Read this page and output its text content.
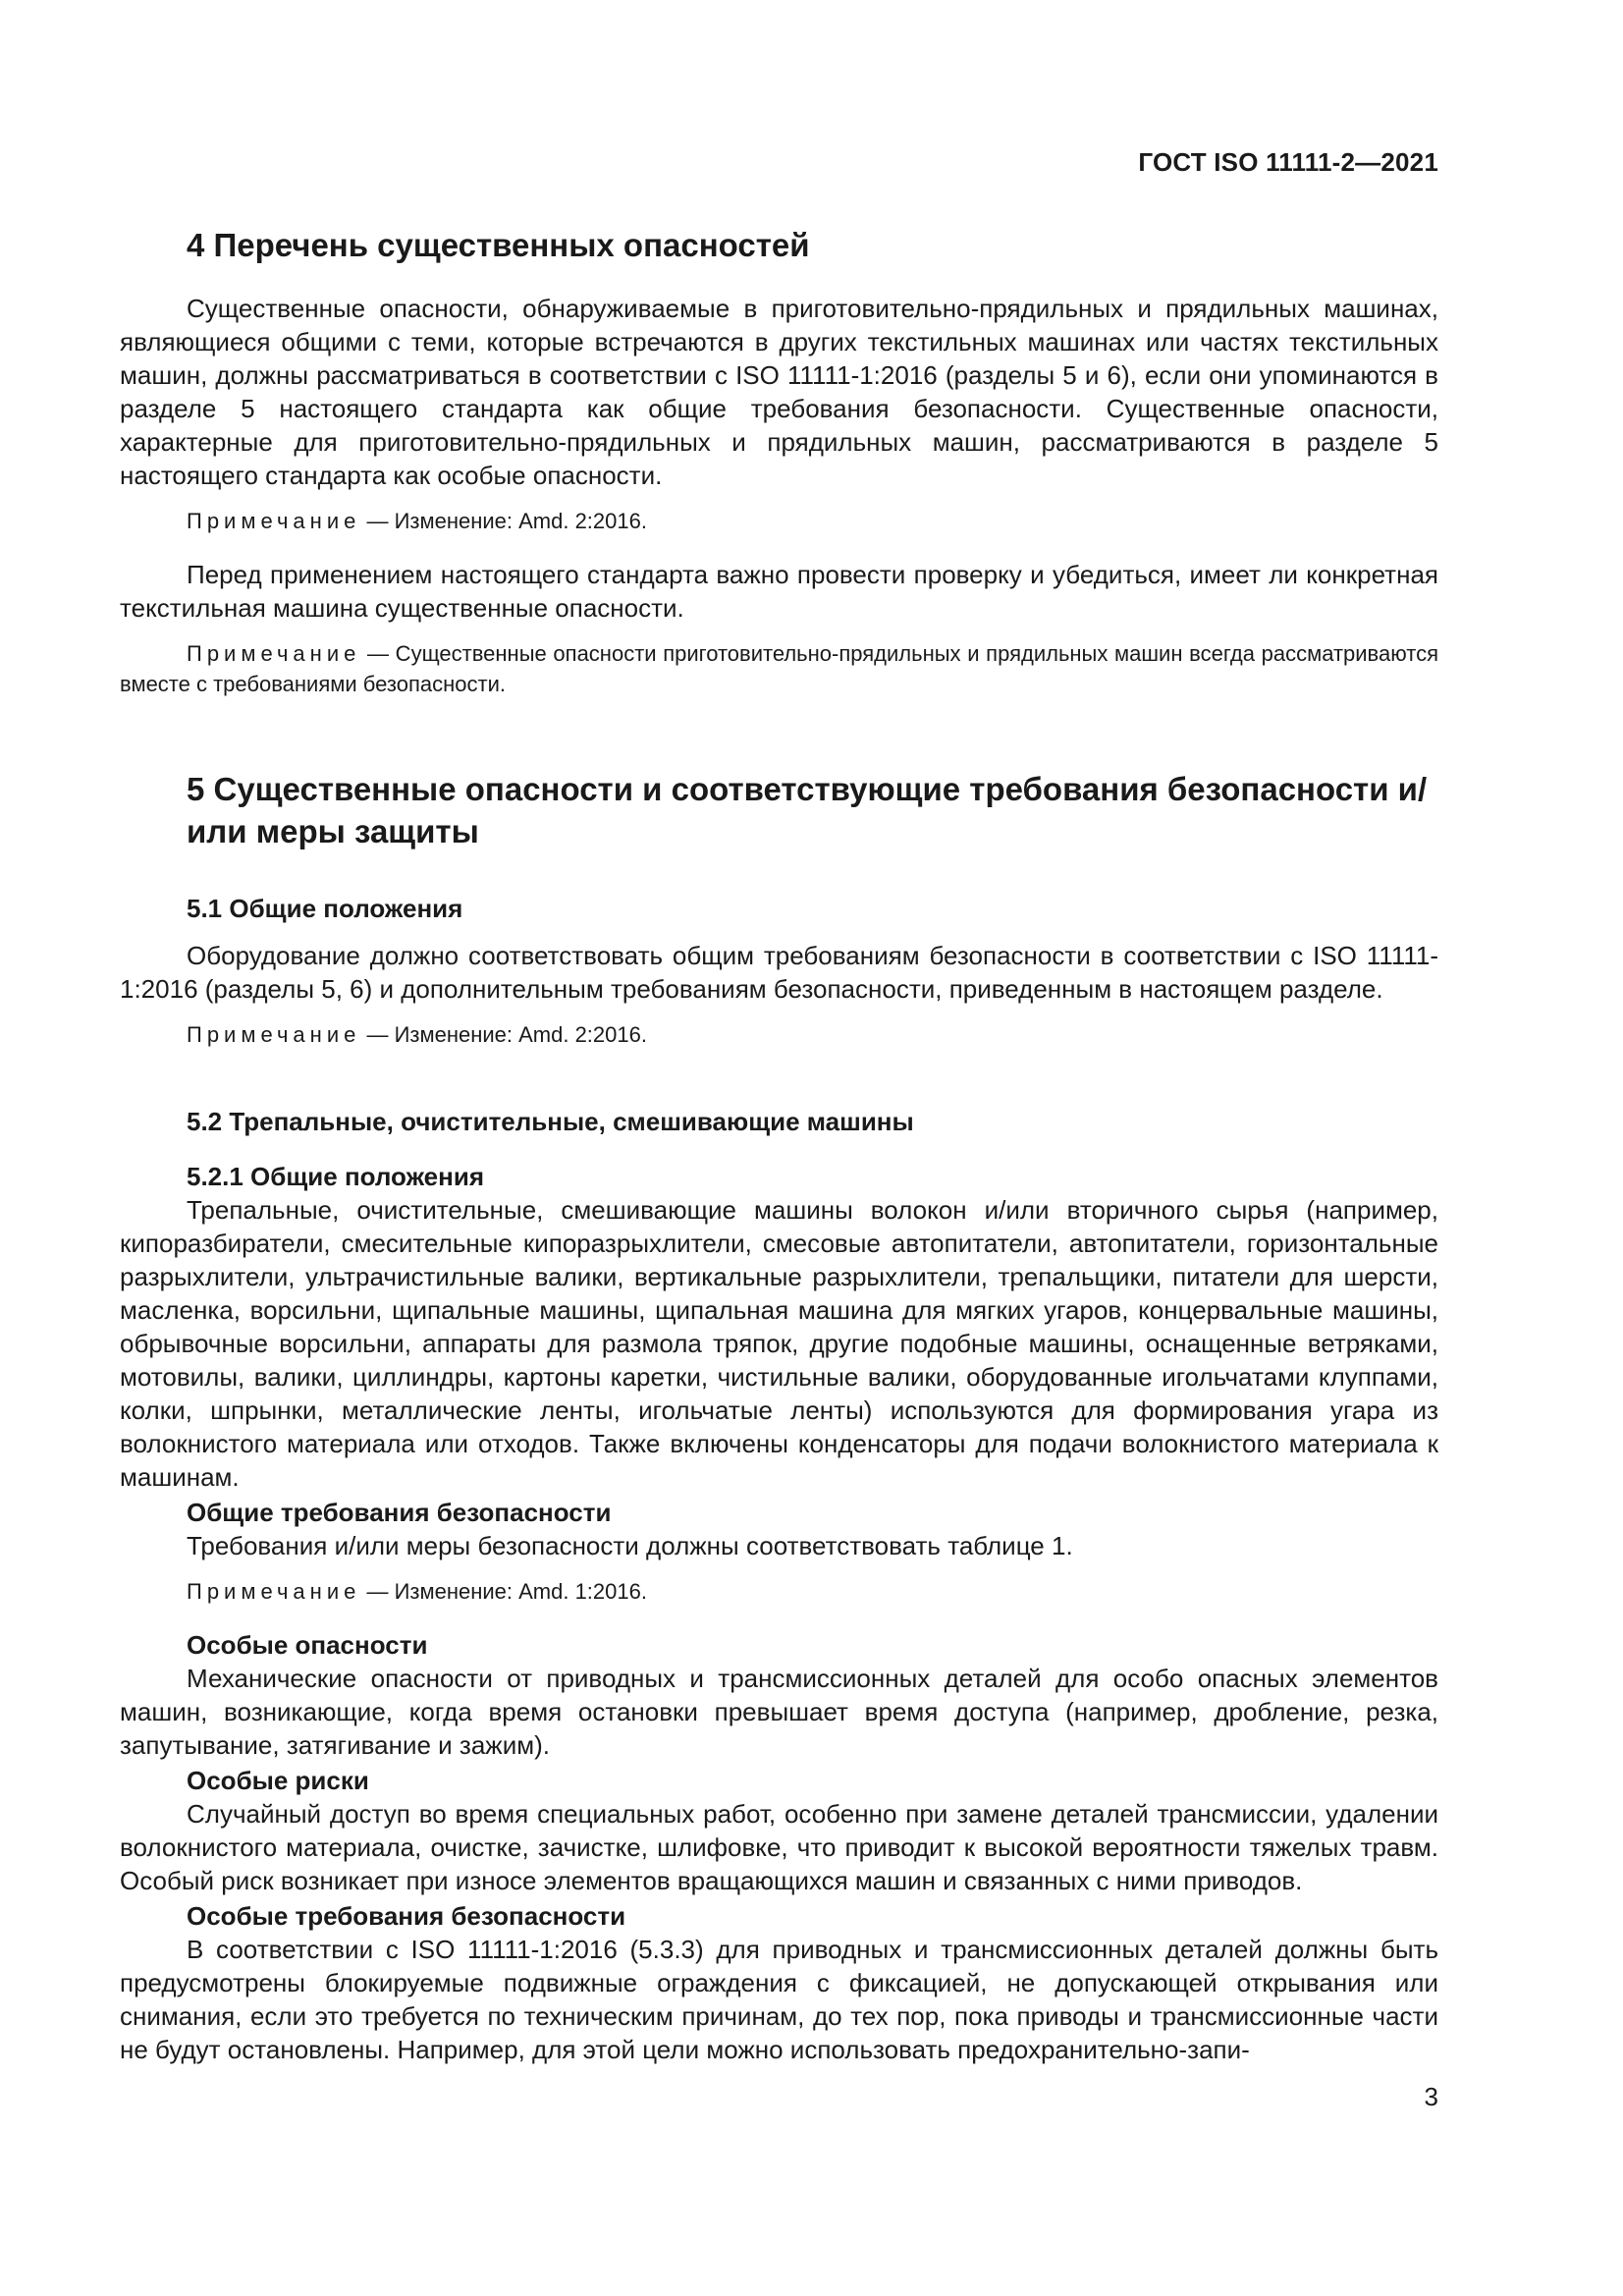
ГОСТ ISO 11111-2—2021
4 Перечень существенных опасностей

Существенные опасности, обнаруживаемые в приготовительно-прядильных и прядильных машинах, являющиеся общими с теми, которые встречаются в других текстильных машинах или частях текстильных машин, должны рассматриваться в соответствии с ISO 11111-1:2016 (разделы 5 и 6), если они упоминаются в разделе 5 настоящего стандарта как общие требования безопасности. Существенные опасности, характерные для приготовительно-прядильных и прядильных машин, рассматриваются в разделе 5 настоящего стандарта как особые опасности.

Примечание — Изменение: Amd. 2:2016.

Перед применением настоящего стандарта важно провести проверку и убедиться, имеет ли конкретная текстильная машина существенные опасности.

Примечание — Существенные опасности приготовительно-прядильных и прядильных машин всегда рассматриваются вместе с требованиями безопасности.
5 Существенные опасности и соответствующие требования безопасности и/или меры защиты
5.1 Общие положения

Оборудование должно соответствовать общим требованиям безопасности в соответствии с ISO 11111-1:2016 (разделы 5, 6) и дополнительным требованиям безопасности, приведенным в настоящем разделе.

Примечание — Изменение: Amd. 2:2016.
5.2 Трепальные, очистительные, смешивающие машины
5.2.1 Общие положения

Трепальные, очистительные, смешивающие машины волокон и/или вторичного сырья (например, кипоразбиратели, смесительные кипоразрыхлители, смесовые автопитатели, автопитатели, горизонтальные разрыхлители, ультрачистильные валики, вертикальные разрыхлители, трепальщики, питатели для шерсти, масленка, ворсильни, щипальные машины, щипальная машина для мягких угаров, концервальные машины, обрывочные ворсильни, аппараты для размола тряпок, другие подобные машины, оснащенные ветряками, мотовилы, валики, циллиндры, картоны каретки, чистильные валики, оборудованные игольчатами клуппами, колки, шпрынки, металлические ленты, игольчатые ленты) используются для формирования угара из волокнистого материала или отходов. Также включены конденсаторы для подачи волокнистого материала к машинам.

Общие требования безопасности

Требования и/или меры безопасности должны соответствовать таблице 1.

Примечание — Изменение: Amd. 1:2016.
Особые опасности

Механические опасности от приводных и трансмиссионных деталей для особо опасных элементов машин, возникающие, когда время остановки превышает время доступа (например, дробление, резка, запутывание, затягивание и зажим).

Особые риски

Случайный доступ во время специальных работ, особенно при замене деталей трансмиссии, удалении волокнистого материала, очистке, зачистке, шлифовке, что приводит к высокой вероятности тяжелых травм. Особый риск возникает при износе элементов вращающихся машин и связанных с ними приводов.

Особые требования безопасности

В соответствии с ISO 11111-1:2016 (5.3.3) для приводных и трансмиссионных деталей должны быть предусмотрены блокируемые подвижные ограждения с фиксацией, не допускающей открывания или снимания, если это требуется по техническим причинам, до тех пор, пока приводы и трансмиссионные части не будут остановлены. Например, для этой цели можно использовать предохранительно-запи-

3
